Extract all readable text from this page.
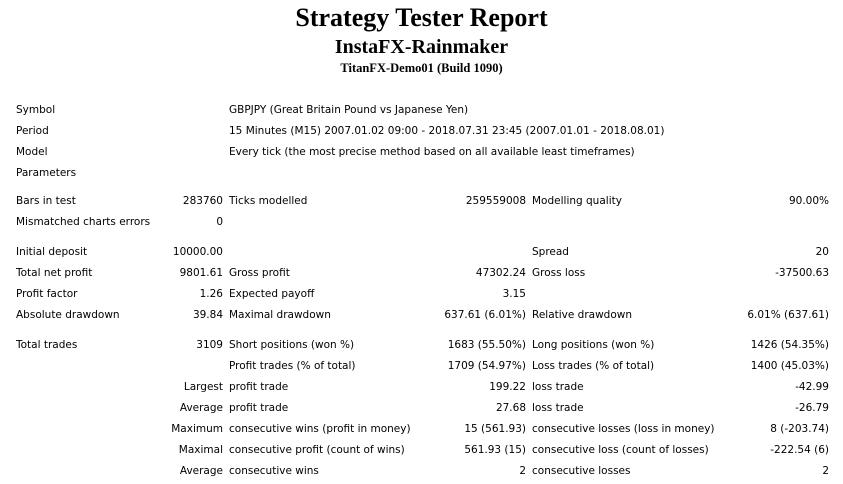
Strategy Tester Report
InstaFX-Rainmaker
TitanFX-Demo01 (Build 1090)
Symbol	GBPJPY (Great Britain Pound vs Japanese Yen)
Period	15 Minutes (M15) 2007.01.02 09:00 - 2018.07.31 23:45 (2007.01.01 - 2018.08.01)
Model	Every tick (the most precise method based on all available least timeframes)
Parameters
Bars in test	283760 Ticks modelled	259559008 Modelling quality	90.00%
Mismatched charts errors	0
Initial deposit	10000.00	Spread	20
Total net profit	9801.61 Gross profit	47302.24 Gross loss	-37500.63
Profit factor	1.26 Expected payoff	3.15
Absolute drawdown	39.84 Maximal drawdown	637.61 (6.01%) Relative drawdown	6.01% (637.61)
Total trades	3109 Short positions (won %)	1683 (55.50%) Long positions (won %)	1426 (54.35%)
Profit trades (% of total)	1709 (54.97%) Loss trades (% of total)	1400 (45.03%)
Largest profit trade	199.22 loss trade	-42.99
Average profit trade	27.68 loss trade	-26.79
Maximum consecutive wins (profit in money)	15 (561.93) consecutive losses (loss in money)	8 (-203.74)
Maximal consecutive profit (count of wins)	561.93 (15) consecutive loss (count of losses)	-222.54 (6)
Average consecutive wins	2 consecutive losses	2
